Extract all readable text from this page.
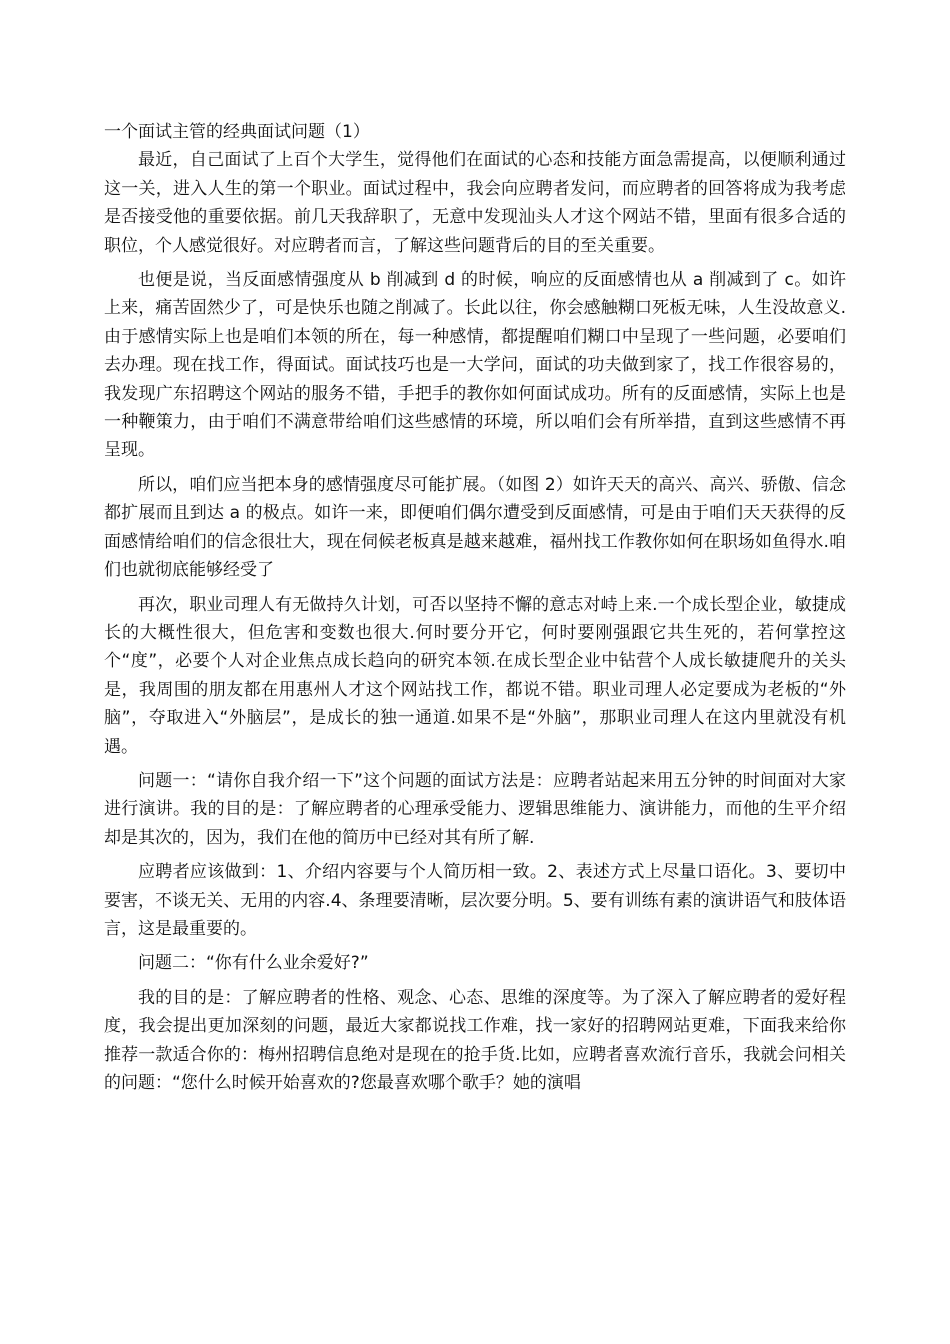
一个面试主管的经典面试问题（1）

最近，自己面试了上百个大学生，觉得他们在面试的心态和技能方面急需提高，以便顺利通过这一关，进入人生的第一个职业。面试过程中，我会向应聘者发问，而应聘者的回答将成为我考虑是否接受他的重要依据。前几天我辞职了，无意中发现汕头人才这个网站不错，里面有很多合适的职位，个人感觉很好。对应聘者而言，了解这些问题背后的目的至关重要。

也便是说，当反面感情强度从 b 削减到 d 的时候，响应的反面感情也从 a 削减到了 c。如许上来，痛苦固然少了，可是快乐也随之削减了。长此以往，你会感触糊口死板无味，人生没故意义.由于感情实际上也是咱们本领的所在，每一种感情，都提醒咱们糊口中呈现了一些问题，必要咱们去办理。现在找工作，得面试。面试技巧也是一大学问，面试的功夫做到家了，找工作很容易的，我发现广东招聘这个网站的服务不错，手把手的教你如何面试成功。所有的反面感情，实际上也是一种鞭策力，由于咱们不满意带给咱们这些感情的环境，所以咱们会有所举措，直到这些感情不再呈现。

所以，咱们应当把本身的感情强度尽可能扩展。（如图 2）如许天天的高兴、高兴、骄傲、信念都扩展而且到达 a 的极点。如许一来，即便咱们偶尔遭受到反面感情，可是由于咱们天天获得的反面感情给咱们的信念很壮大，现在伺候老板真是越来越难，福州找工作教你如何在职场如鱼得水.咱们也就彻底能够经受了

再次，职业司理人有无做持久计划，可否以坚持不懈的意志对峙上来.一个成长型企业，敏捷成长的大概性很大，但危害和变数也很大.何时要分开它，何时要刚强跟它共生死的，若何掌控这个“度”，必要个人对企业焦点成长趋向的研究本领.在成长型企业中钻营个人成长敏捷爬升的关头是，我周围的朋友都在用惠州人才这个网站找工作，都说不错。职业司理人必定要成为老板的“外脑”，夺取进入“外脑层”，是成长的独一通道.如果不是“外脑”，那职业司理人在这内里就没有机遇。

问题一：“请你自我介绍一下”这个问题的面试方法是：应聘者站起来用五分钟的时间面对大家进行演讲。我的目的是：了解应聘者的心理承受能力、逻辑思维能力、演讲能力，而他的生平介绍却是其次的，因为，我们在他的简历中已经对其有所了解.

应聘者应该做到：1、介绍内容要与个人简历相一致。2、表述方式上尽量口语化。3、要切中要害，不谈无关、无用的内容.4、条理要清晰，层次要分明。5、要有训练有素的演讲语气和肢体语言，这是最重要的。

问题二：“你有什么业余爱好?”

我的目的是：了解应聘者的性格、观念、心态、思维的深度等。为了深入了解应聘者的爱好程度，我会提出更加深刻的问题，最近大家都说找工作难，找一家好的招聘网站更难，下面我来给你推荐一款适合你的：梅州招聘信息绝对是现在的抢手货.比如，应聘者喜欢流行音乐，我就会问相关的问题：“您什么时候开始喜欢的?您最喜欢哪个歌手？她的演唱
